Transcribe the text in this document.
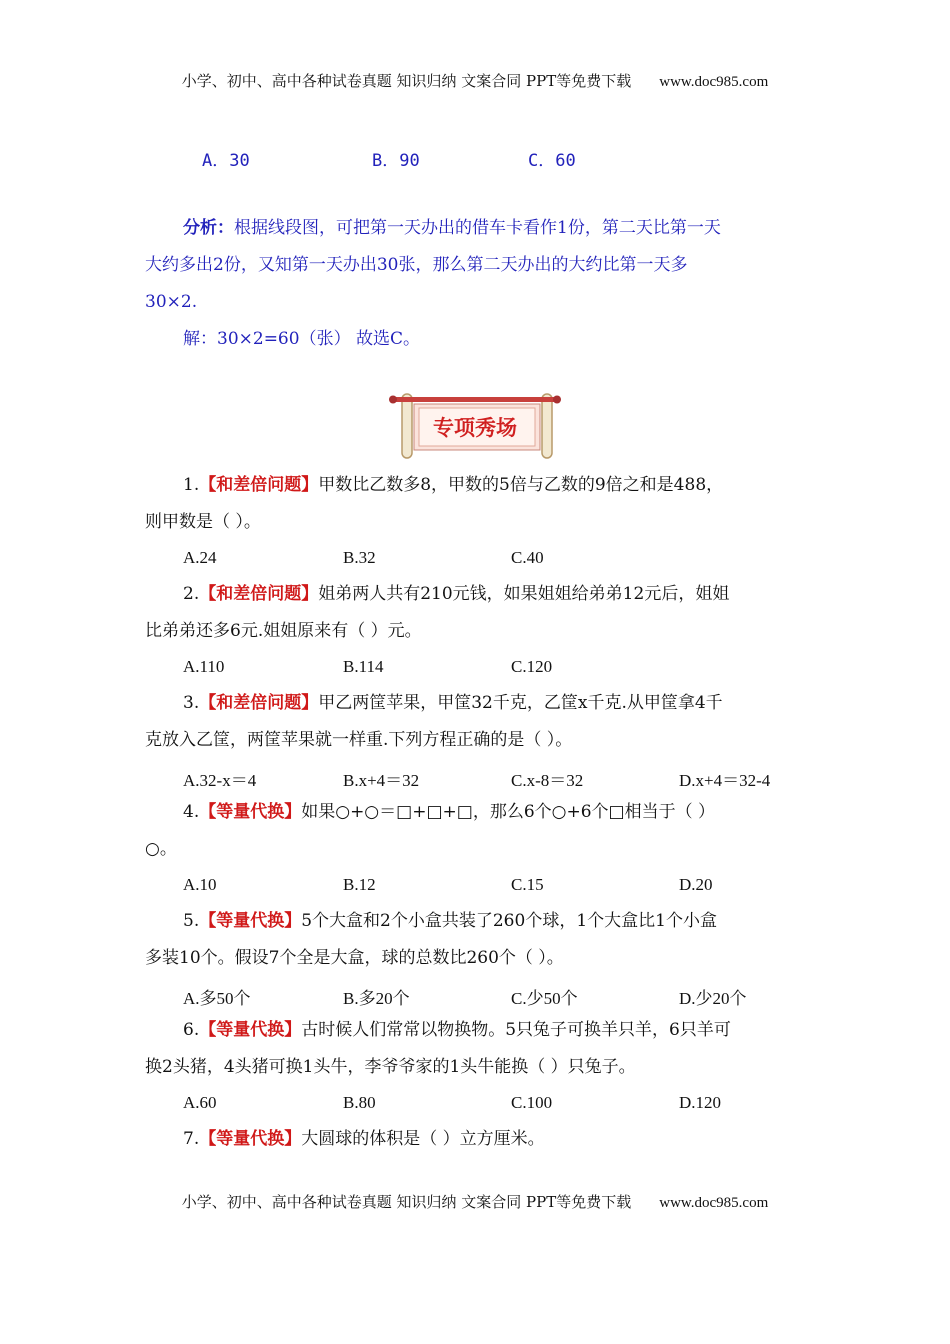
小学、初中、高中各种试卷真题 知识归纳 文案合同 PPT等免费下载 www.doc985.com
A．30	B．90	C．60
分析：根据线段图，可把第一天办出的借车卡看作1份，第二天比第一天
大约多出2份，又知第一天办出30张，那么第二天办出的大约比第一天多
30×2.
解：30×2=60（张） 故选C。
专项秀场
1.【和差倍问题】甲数比乙数多8，甲数的5倍与乙数的9倍之和是488，
则甲数是（ ）。
A.24	B.32	C.40
2.【和差倍问题】姐弟两人共有210元钱，如果姐姐给弟弟12元后，姐姐
比弟弟还多6元.姐姐原来有（ ）元。
A.110	B.114	C.120
3.【和差倍问题】甲乙两筐苹果，甲筐32千克，乙筐x千克.从甲筐拿4千
克放入乙筐，两筐苹果就一样重.下列方程正确的是（ ）。
A.32-x＝4	B.x+4＝32	C.x-8＝32	D.x+4＝32-4
4.【等量代换】如果○+○＝□+□+□，那么6个○+6个□相当于（ ）
○。
A.10	B.12	C.15	D.20
5.【等量代换】5个大盒和2个小盒共装了260个球，1个大盒比1个小盒
多装10个。假设7个全是大盒，球的总数比260个（ ）。
A.多50个	B.多20个	C.少50个	D.少20个
6.【等量代换】古时候人们常常以物换物。5只兔子可换羊只羊，6只羊可
换2头猪，4头猪可换1头牛，李爷爷家的1头牛能换（ ）只兔子。
A.60	B.80	C.100	D.120
7.【等量代换】大圆球的体积是（ ）立方厘米。
小学、初中、高中各种试卷真题 知识归纳 文案合同 PPT等免费下载 www.doc985.com
